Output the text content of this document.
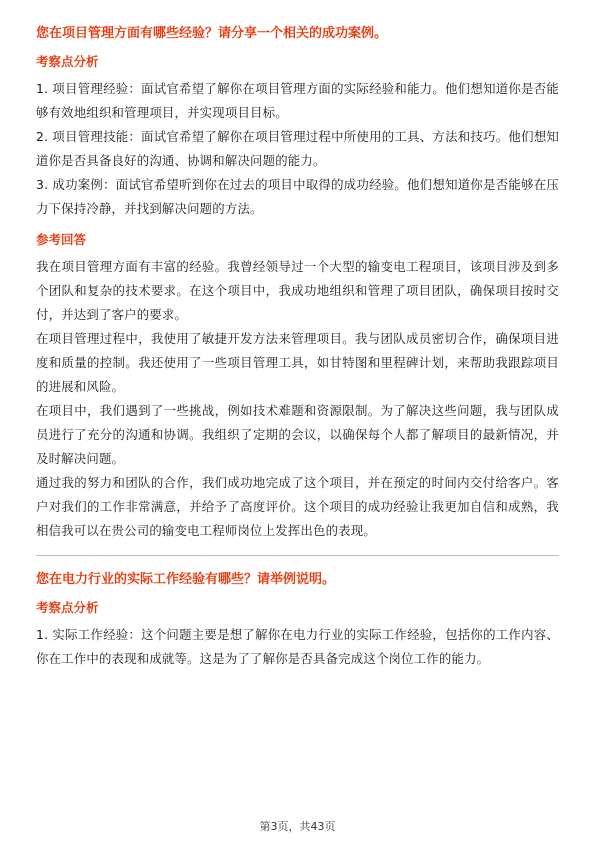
您在项目管理方面有哪些经验？请分享一个相关的成功案例。

考察点分析

1. 项目管理经验：面试官希望了解你在项目管理方面的实际经验和能力。他们想知道你是否能够有效地组织和管理项目，并实现项目目标。

2. 项目管理技能：面试官希望了解你在项目管理过程中所使用的工具、方法和技巧。他们想知道你是否具备良好的沟通、协调和解决问题的能力。

3. 成功案例：面试官希望听到你在过去的项目中取得的成功经验。他们想知道你是否能够在压力下保持冷静，并找到解决问题的方法。

参考回答

我在项目管理方面有丰富的经验。我曾经领导过一个大型的输变电工程项目，该项目涉及到多个团队和复杂的技术要求。在这个项目中，我成功地组织和管理了项目团队，确保项目按时交付，并达到了客户的要求。

在项目管理过程中，我使用了敏捷开发方法来管理项目。我与团队成员密切合作，确保项目进度和质量的控制。我还使用了一些项目管理工具，如甘特图和里程碑计划，来帮助我跟踪项目的进展和风险。

在项目中，我们遇到了一些挑战，例如技术难题和资源限制。为了解决这些问题，我与团队成员进行了充分的沟通和协调。我组织了定期的会议，以确保每个人都了解项目的最新情况，并及时解决问题。

通过我的努力和团队的合作，我们成功地完成了这个项目，并在预定的时间内交付给客户。客户对我们的工作非常满意，并给予了高度评价。这个项目的成功经验让我更加自信和成熟，我相信我可以在贵公司的输变电工程师岗位上发挥出色的表现。

您在电力行业的实际工作经验有哪些？请举例说明。

考察点分析

1. 实际工作经验：这个问题主要是想了解你在电力行业的实际工作经验，包括你的工作内容、你在工作中的表现和成就等。这是为了了解你是否具备完成这个岗位工作的能力。

第3页，共43页
